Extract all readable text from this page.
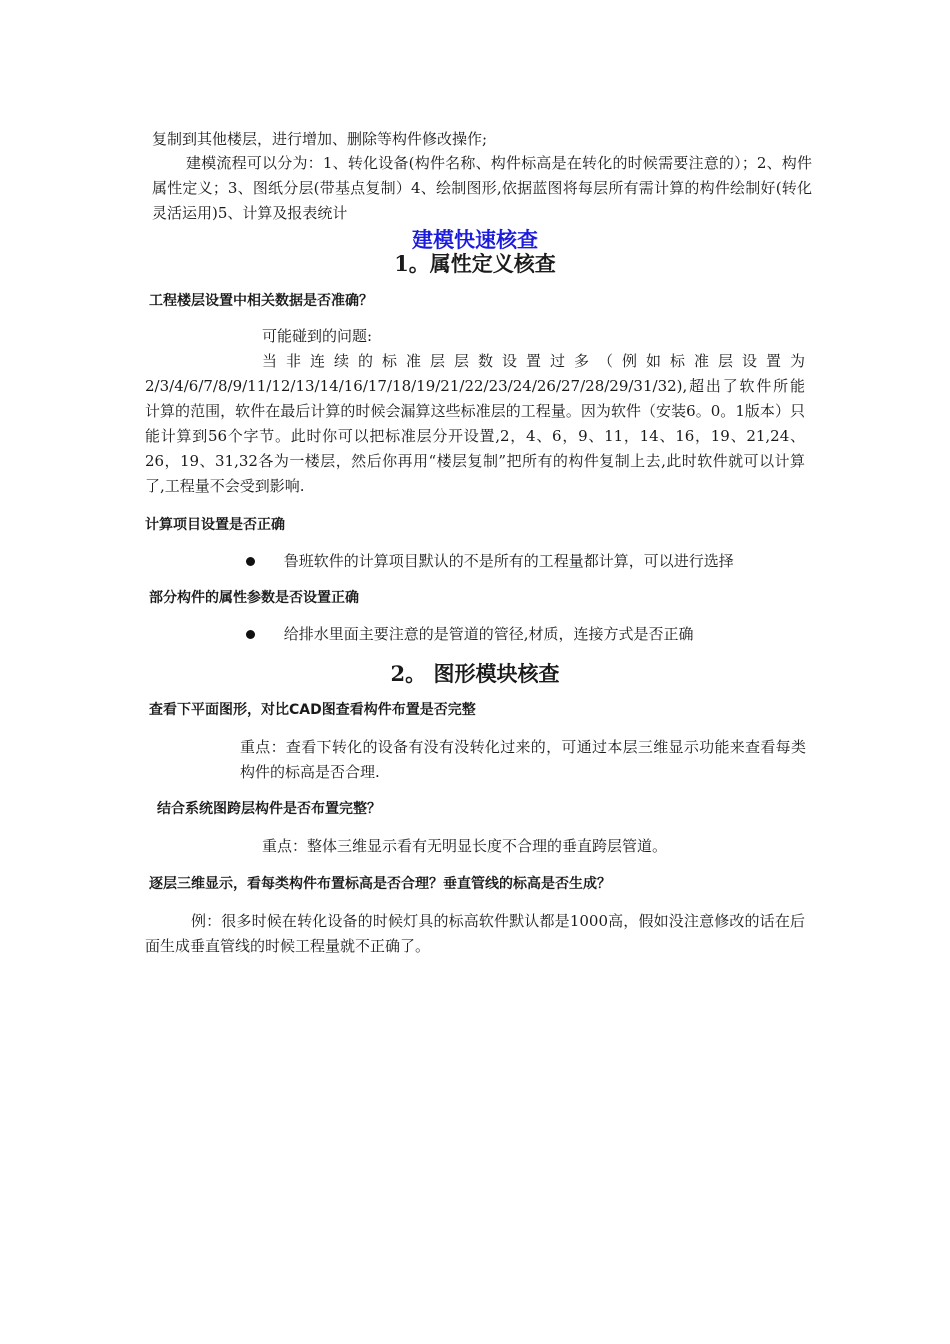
复制到其他楼层，进行增加、删除等构件修改操作;

建模流程可以分为：1、转化设备(构件名称、构件标高是在转化的时候需要注意的）；2、构件属性定义；3、图纸分层(带基点复制）4、绘制图形,依据蓝图将每层所有需计算的构件绘制好(转化灵活运用)5、计算及报表统计

建模快速核查
1。属性定义核查

工程楼层设置中相关数据是否准确？

可能碰到的问题:

当非连续的标准层层数设置过多（例如标准层设置为2/3/4/6/7/8/9/11/12/13/14/16/17/18/19/21/22/23/24/26/27/28/29/31/32),超出了软件所能计算的范围，软件在最后计算的时候会漏算这些标准层的工程量。因为软件（安装6。0。1版本）只能计算到56个字节。此时你可以把标准层分开设置,2，4、6，9、11，14、16，19、21,24、26，19、31,32各为一楼层，然后你再用“楼层复制”把所有的构件复制上去,此时软件就可以计算了,工程量不会受到影响.

计算项目设置是否正确

鲁班软件的计算项目默认的不是所有的工程量都计算，可以进行选择

部分构件的属性参数是否设置正确

给排水里面主要注意的是管道的管径,材质，连接方式是否正确
2。 图形模块核查

查看下平面图形，对比CAD图查看构件布置是否完整

重点：查看下转化的设备有没有没转化过来的，可通过本层三维显示功能来查看每类构件的标高是否合理.

结合系统图跨层构件是否布置完整？

重点：整体三维显示看有无明显长度不合理的垂直跨层管道。

逐层三维显示，看每类构件布置标高是否合理？垂直管线的标高是否生成？

例：很多时候在转化设备的时候灯具的标高软件默认都是1000高，假如没注意修改的话在后面生成垂直管线的时候工程量就不正确了。
